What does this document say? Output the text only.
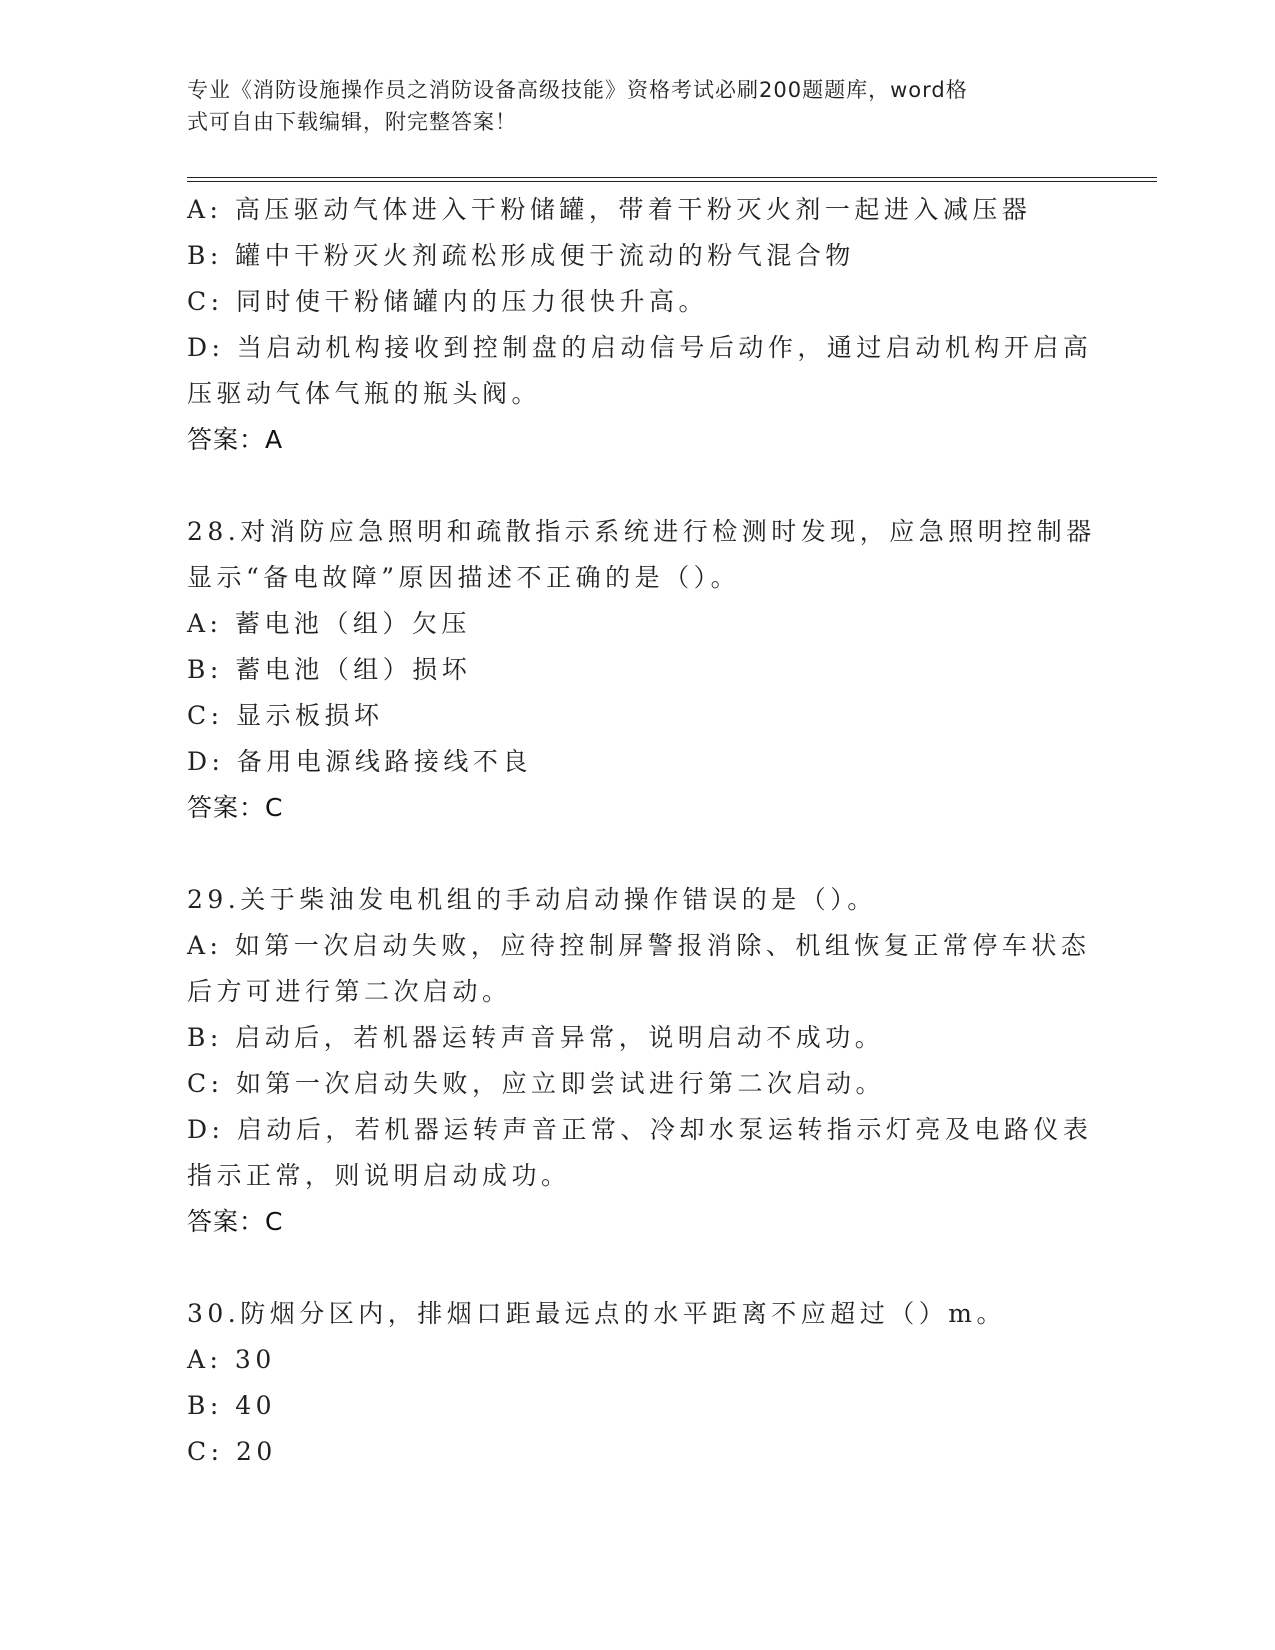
专业《消防设施操作员之消防设备高级技能》资格考试必刷200题题库，word格
式可自由下载编辑，附完整答案！
A: 高压驱动气体进入干粉储罐，带着干粉灭火剂一起进入减压器
B: 罐中干粉灭火剂疏松形成便于流动的粉气混合物
C: 同时使干粉储罐内的压力很快升高。
D: 当启动机构接收到控制盘的启动信号后动作，通过启动机构开启高
压驱动气体气瓶的瓶头阀。
答案：A
28.对消防应急照明和疏散指示系统进行检测时发现，应急照明控制器
显示“备电故障”原因描述不正确的是（）。
A: 蓄电池（组）欠压
B: 蓄电池（组）损坏
C: 显示板损坏
D: 备用电源线路接线不良
答案：C
29.关于柴油发电机组的手动启动操作错误的是（）。
A: 如第一次启动失败，应待控制屏警报消除、机组恢复正常停车状态
后方可进行第二次启动。
B: 启动后，若机器运转声音异常，说明启动不成功。
C: 如第一次启动失败，应立即尝试进行第二次启动。
D: 启动后，若机器运转声音正常、冷却水泵运转指示灯亮及电路仪表
指示正常，则说明启动成功。
答案：C
30.防烟分区内，排烟口距最远点的水平距离不应超过（）m。
A: 30
B: 40
C: 20
